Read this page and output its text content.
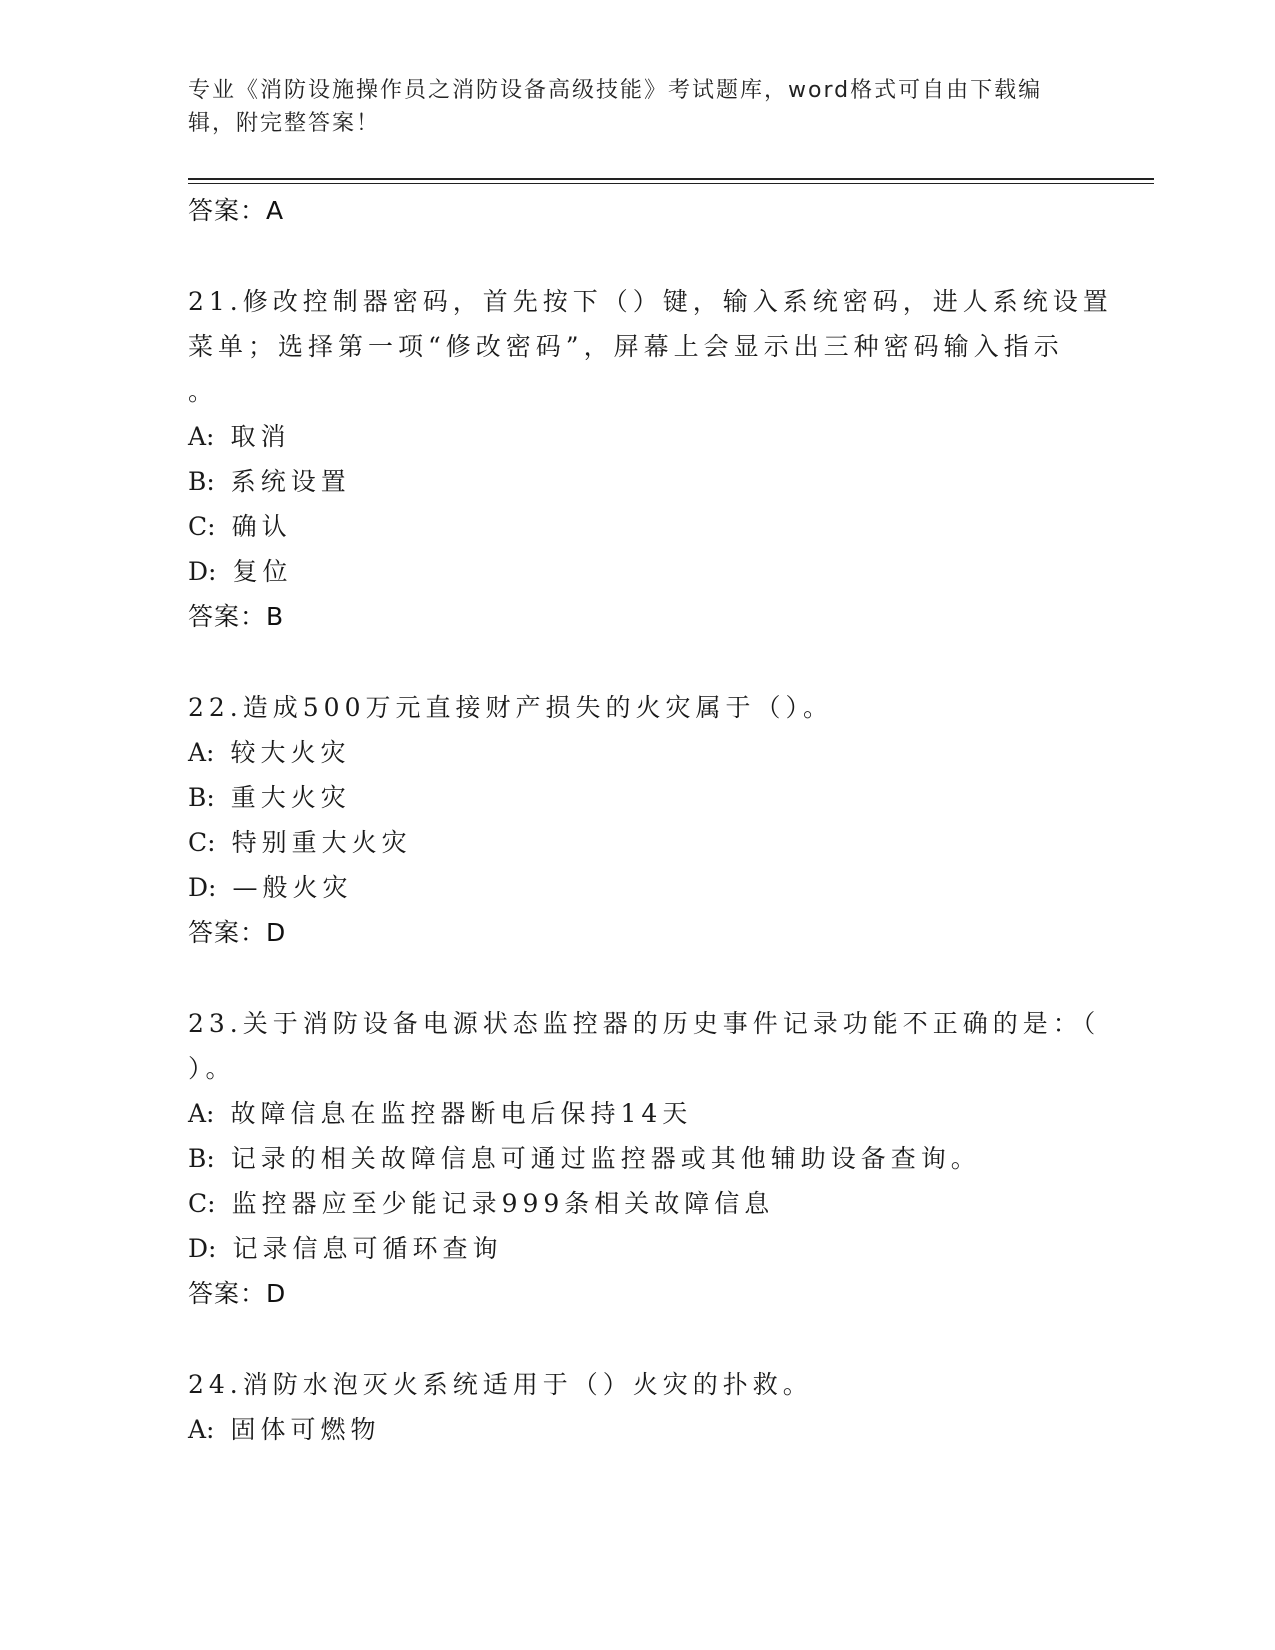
专业《消防设施操作员之消防设备高级技能》考试题库，word格式可自由下载编
辑，附完整答案！
答案：A
21.修改控制器密码，首先按下（）键，输入系统密码，进人系统设置
菜单；选择第一项“修改密码”，屏幕上会显示出三种密码输入指示
。
A: 取消
B: 系统设置
C: 确认
D: 复位
答案：B
22.造成500万元直接财产损失的火灾属于（）。
A: 较大火灾
B: 重大火灾
C: 特别重大火灾
D: —般火灾
答案：D
23.关于消防设备电源状态监控器的历史事件记录功能不正确的是：（
）。
A: 故障信息在监控器断电后保持14天
B: 记录的相关故障信息可通过监控器或其他辅助设备查询。
C: 监控器应至少能记录999条相关故障信息
D: 记录信息可循环查询
答案：D
24.消防水泡灭火系统适用于（）火灾的扑救。
A: 固体可燃物
